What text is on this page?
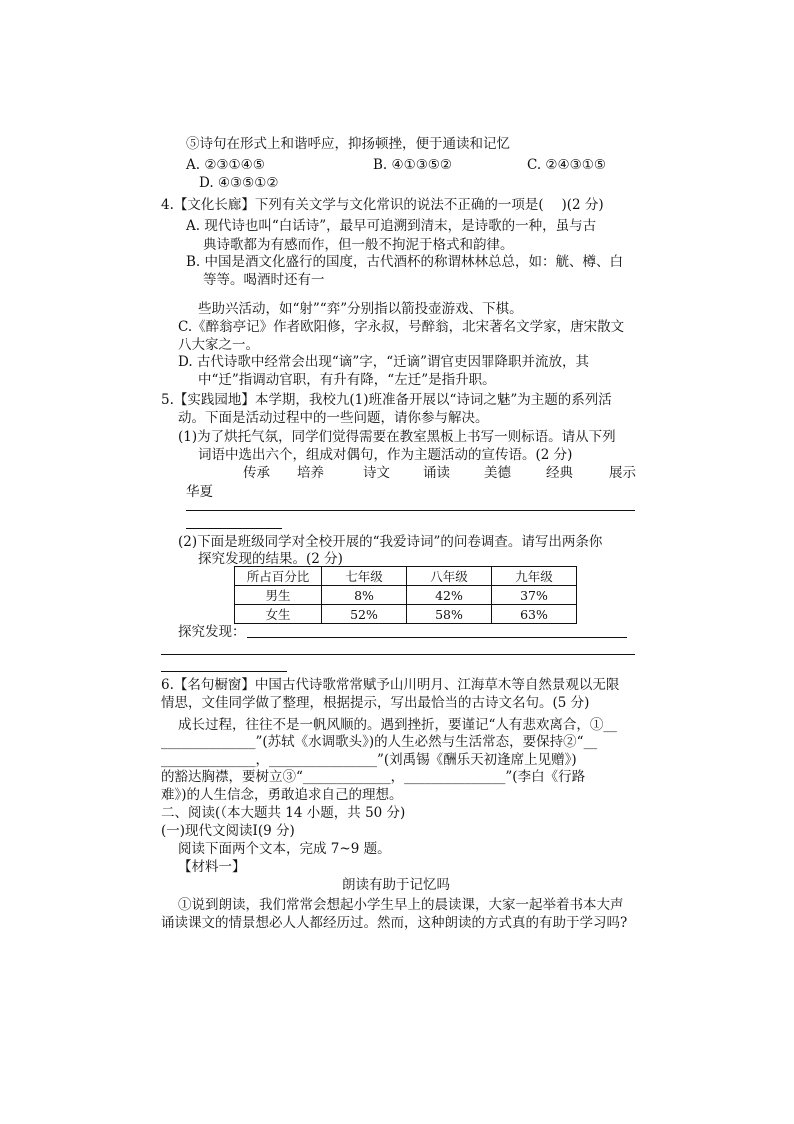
⑤诗句在形式上和谐呼应，抑扬顿挫，便于通读和记忆
A. ②③①④⑤	B. ④①③⑤②	C. ②④③①⑤
D. ④③⑤①②
4.【文化长廊】下列有关文学与文化常识的说法不正确的一项是(　 )(2 分)
A. 现代诗也叫“白话诗”，最早可追溯到清末，是诗歌的一种，虽与古
典诗歌都为有感而作，但一般不拘泥于格式和韵律。
B. 中国是酒文化盛行的国度，古代酒杯的称谓林林总总，如：觥、樽、白
等等。喝酒时还有一
些助兴活动，如“射”“弈”分别指以箭投壶游戏、下棋。
C.《醉翁亭记》作者欧阳修，字永叔，号醉翁，北宋著名文学家，唐宋散文
八大家之一。
D. 古代诗歌中经常会出现“谪”字，“迁谪”谓官吏因罪降职并流放，其
中“迁”指调动官职，有升有降，“左迁”是指升职。
5.【实践园地】本学期，我校九(1)班准备开展以“诗词之魅”为主题的系列活
动。下面是活动过程中的一些问题，请你参与解决。
(1)为了烘托气氛，同学们觉得需要在教室黑板上书写一则标语。请从下列
词语中选出六个，组成对偶句，作为主题活动的宣传语。(2 分)
传承 培养	诗文 诵读	美德	经典	展示
华夏
(2)下面是班级同学对全校开展的“我爱诗词”的问卷调查。请写出两条你
探究发现的结果。(2 分)
所占百分比	七年级	八年级	九年级
男生	8%	42%	37%
女生	52%	58%	63%
探究发现：
6.【名句橱窗】中国古代诗歌常常赋予山川明月、江海草木等自然景观以无限
情思，文佳同学做了整理，根据提示，写出最恰当的古诗文名句。(5 分)
成长过程，往往不是一帆风顺的。遇到挫折，要谨记“人有悲欢离合，①__
______________”(苏轼《水调歌头》)的人生必然与生活常态，要保持②“__
______________，________________”(刘禹锡《酬乐天初逢席上见赠》)
的豁达胸襟，要树立③“_____________，_______________”(李白《行路
难》)的人生信念，勇敢追求自己的理想。
二、阅读(（本大题共 14 小题，共 50 分)
(一)现代文阅读Ⅰ(9 分)
阅读下面两个文本，完成 7~9 题。
【材料一】
朗读有助于记忆吗
①说到朗读，我们常常会想起小学生早上的晨读课，大家一起举着书本大声
诵读课文的情景想必人人都经历过。然而，这种朗读的方式真的有助于学习吗?
